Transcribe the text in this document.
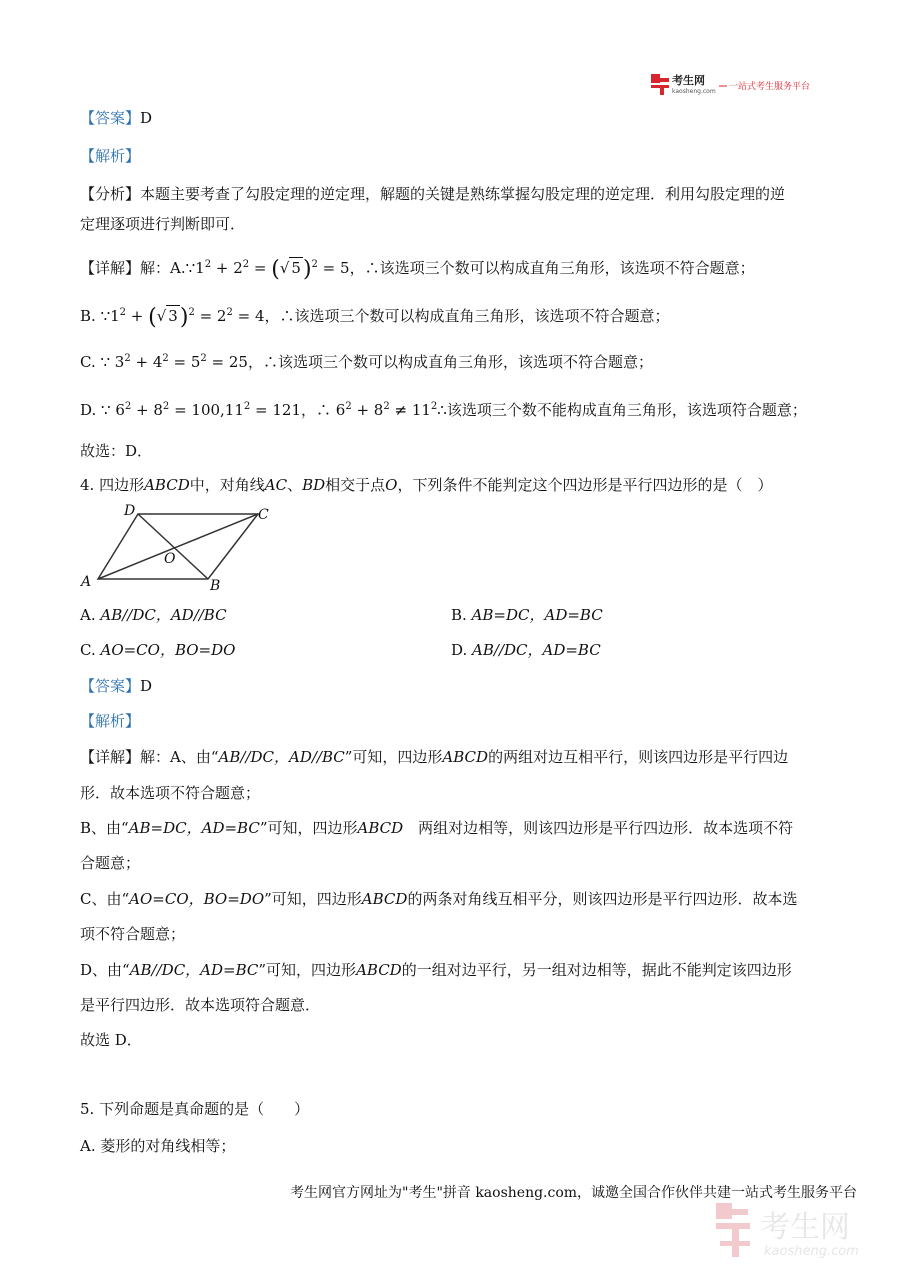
考生网
kaosheng.com 一站式考生服务平台
【答案】D
【解析】
【分析】本题主要考查了勾股定理的逆定理，解题的关键是熟练掌握勾股定理的逆定理．利用勾股定理的逆
定理逐项进行判断即可．
【详解】解：$A.\because 1^2 + 2^2$ = (√ 5)$^2$ = 5，∴该选项三个数可以构成直角三角形，该选项不符合题意；
B. $\because 1^2$ + (√ $3)^2 = 2^2 = 4$，∴该选项三个数可以构成直角三角形，该选项不符合题意；
C. ∵ $3^2 + 4^2 = 5^2 = 25$，∴该选项三个数可以构成直角三角形，该选项不符合题意；
D. ∵ $6^2 + 8^2 = 100,11^2 = 121$，∴ $6^2 + 8^2$ ≠ $11^2\therefore$该选项三个数不能构成直角三角形，该选项符合题意；
故选：D．
4. 四边形ABCD中，对角线AC、BD相交于点O，下列条件不能判定这个四边形是平行四边形的是（　）
A	B
C
D
O
A. AB//DC，AD//BC	B. AB=DC，AD=BC
C. AO=CO，BO=DO	D. AB//DC，AD=BC
【答案】D
【解析】
【详解】解：A、由“AB//DC，AD//BC”可知，四边形ABCD的两组对边互相平行，则该四边形是平行四边
形．故本选项不符合题意；
B、由“AB=DC，AD=BC”可知，四边形ABCD　两组对边相等，则该四边形是平行四边形．故本选项不符
合题意；
C、由“AO=CO，BO=DO”可知，四边形ABCD的两条对角线互相平分，则该四边形是平行四边形．故本选
项不符合题意；
D、由“AB//DC，AD=BC”可知，四边形ABCD的一组对边平行，另一组对边相等，据此不能判定该四边形
是平行四边形．故本选项符合题意．
故选 D．
5. 下列命题是真命题的是（　　）
A. 菱形的对角线相等；
考生网官方网址为"考生"拼音 kaosheng.com，诚邀全国合作伙伴共建一站式考生服务平台
考生网
kaosheng.com
